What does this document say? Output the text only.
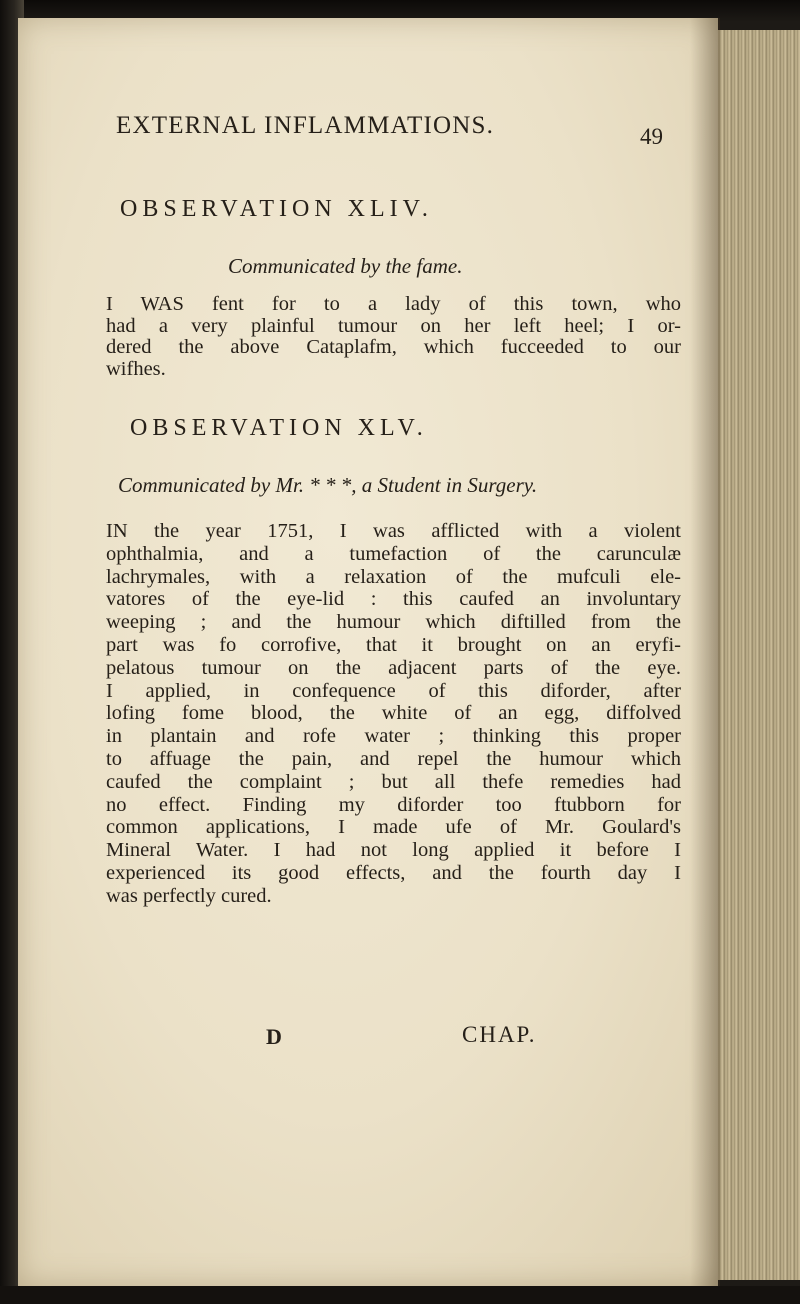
EXTERNAL INFLAMMATIONS.	49
OBSERVATION XLIV.
Communicated by the fame.
I WAS fent for to a lady of this town, who
had a very plainful tumour on her left heel; I or-
dered the above Cataplafm, which fucceeded to our
wifhes.
OBSERVATION XLV.
Communicated by Mr. * * *, a Student in Surgery.
IN the year 1751, I was afflicted with a violent
ophthalmia, and a tumefaction of the carunculæ
lachrymales, with a relaxation of the mufculi ele-
vatores of the eye-lid : this caufed an involuntary
weeping ; and the humour which diftilled from the
part was fo corrofive, that it brought on an eryfi-
pelatous tumour on the adjacent parts of the eye.
I applied, in confequence of this diforder, after
lofing fome blood, the white of an egg, diffolved
in plantain and rofe water ; thinking this proper
to affuage the pain, and repel the humour which
caufed the complaint ; but all thefe remedies had
no effect. Finding my diforder too ftubborn for
common applications, I made ufe of Mr. Goulard's
Mineral Water. I had not long applied it before I
experienced its good effects, and the fourth day I
was perfectly cured.
D	CHAP.
